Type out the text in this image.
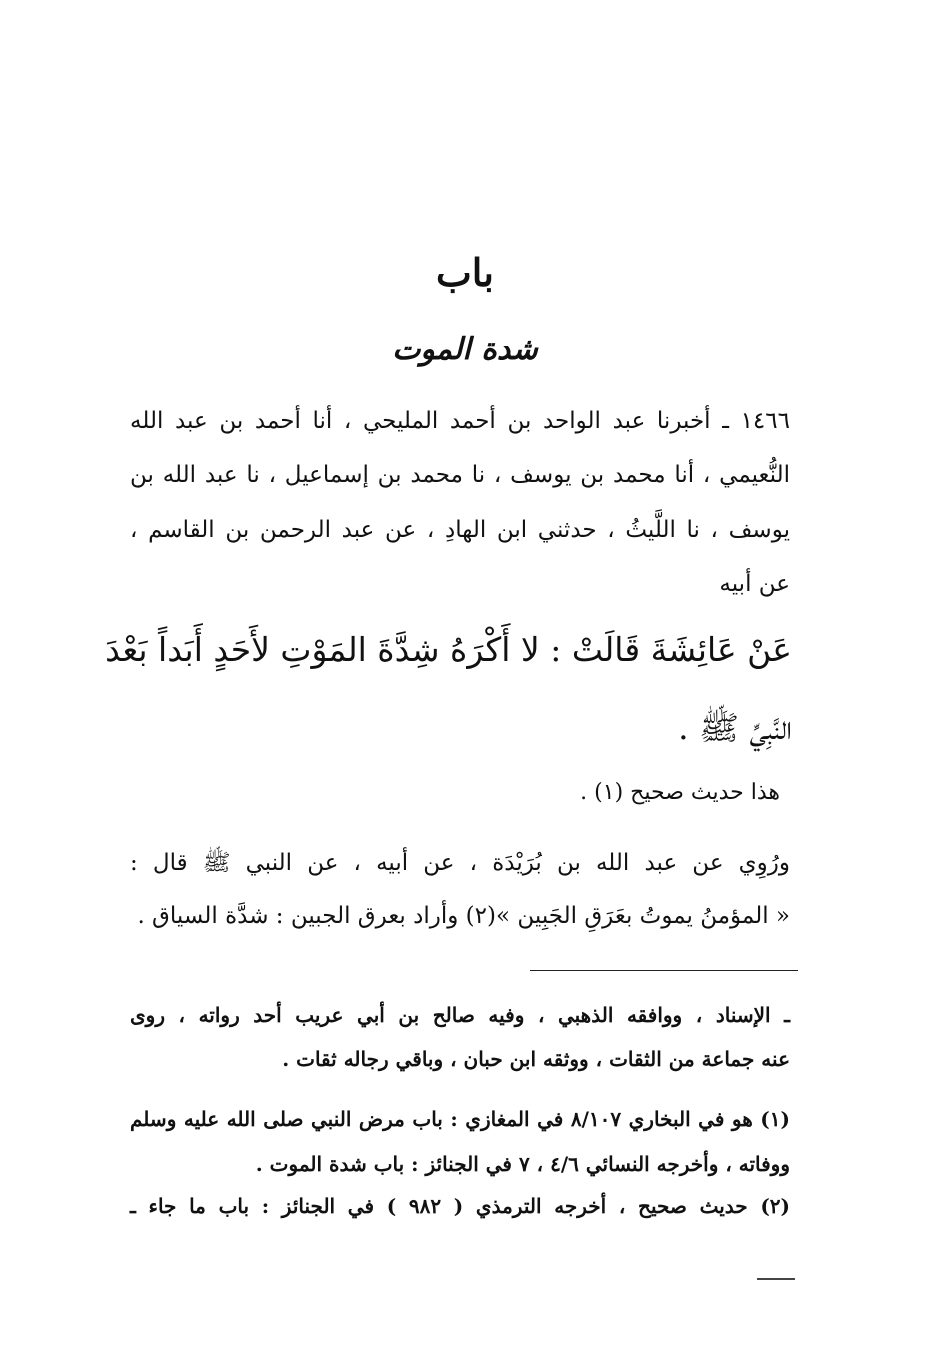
باب
شدة الموت
١٤٦٦ ـ أخبرنا عبد الواحد بن أحمد المليحي ، أنا أحمد بن عبد الله
النُّعيمي ، أنا محمد بن يوسف ، نا محمد بن إسماعيل ، نا عبد الله بن
يوسف ، نا اللَّيثُ ، حدثني ابن الهادِ ، عن عبد الرحمن بن القاسم ،
عن أبيه
عَنْ عَائِشَةَ قَالَتْ : لا أَكْرَهُ شِدَّةَ المَوْتِ لأَحَدٍ أَبَداً بَعْدَ
النَّبِيِّ ﷺ .
هذا حديث صحيح (١) .
ورُوِي عن عبد الله بن بُرَيْدَة ، عن أبيه ، عن النبي ﷺ قال :
« المؤمنُ يموتُ بعَرَقِ الجَبِين »(٢) وأراد بعرق الجبين : شدَّة السياق .
ـ الإسناد ، ووافقه الذهبي ، وفيه صالح بن أبي عريب أحد رواته ، روى
عنه جماعة من الثقات ، ووثقه ابن حبان ، وباقي رجاله ثقات .
(١) هو في البخاري ٨/١٠٧ في المغازي : باب مرض النبي صلى الله عليه وسلم
ووفاته ، وأخرجه النسائي ٤/٦ ، ٧ في الجنائز : باب شدة الموت .
(٢) حديث صحيح ، أخرجه الترمذي ( ٩٨٢ ) في الجنائز : باب ما جاء ـ
